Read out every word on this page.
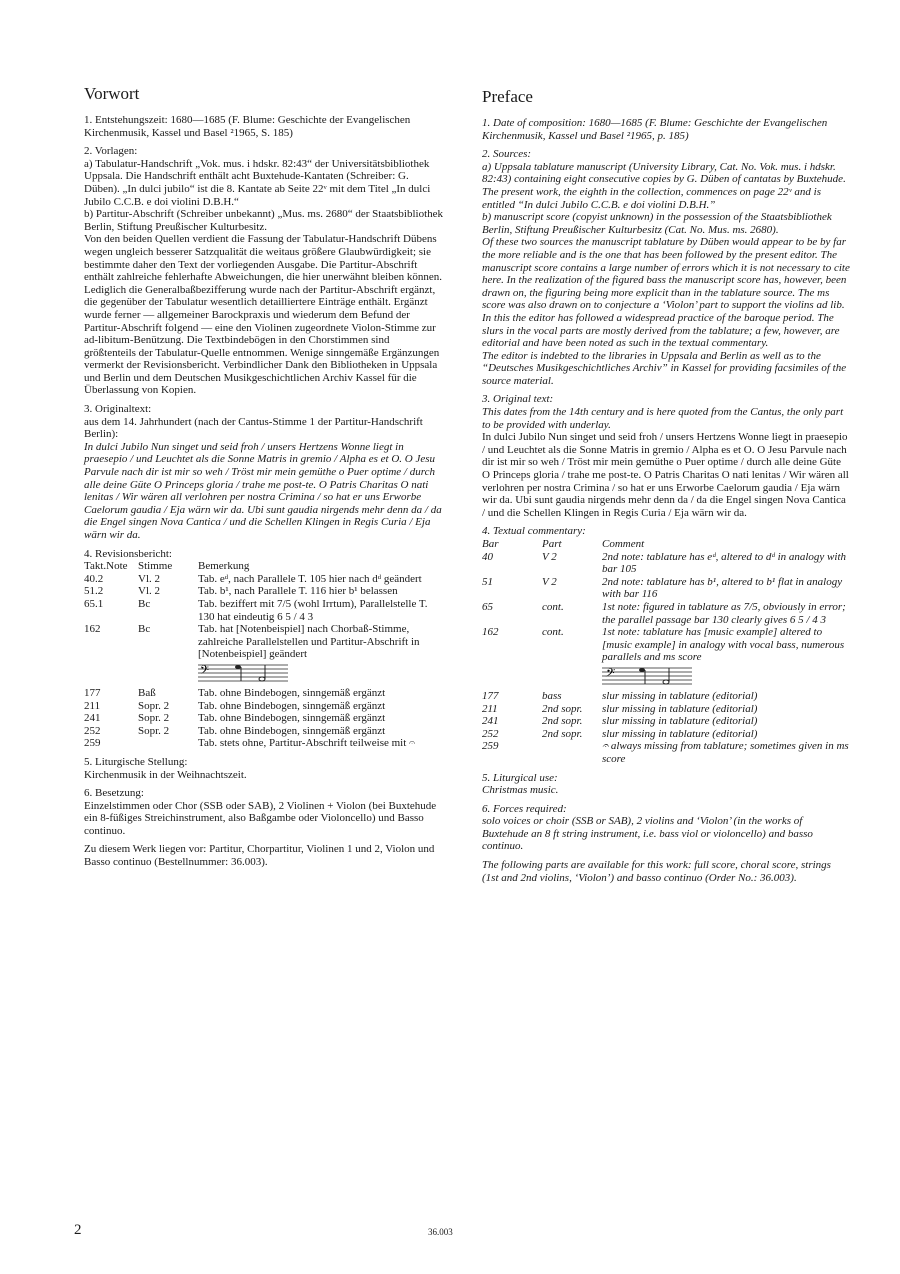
Vorwort

1. Entstehungszeit: 1680—1685 (F. Blume: Geschichte der Evangelischen Kirchenmusik, Kassel und Basel ²1965, S. 185)

2. Vorlagen:

a) Tabulatur-Handschrift „Vok. mus. i hdskr. 82:43“ der Universitätsbibliothek Uppsala. Die Handschrift enthält acht Buxtehude-Kantaten (Schreiber: G. Düben). „In dulci jubilo“ ist die 8. Kantate ab Seite 22ᵛ mit dem Titel „In dulci Jubilo C.C.B. e doi violini D.B.H.“

b) Partitur-Abschrift (Schreiber unbekannt) „Mus. ms. 2680“ der Staatsbibliothek Berlin, Stiftung Preußischer Kulturbesitz.

Von den beiden Quellen verdient die Fassung der Tabulatur-Handschrift Dübens wegen ungleich besserer Satzqualität die weitaus größere Glaubwürdigkeit; sie bestimmte daher den Text der vorliegenden Ausgabe. Die Partitur-Abschrift enthält zahlreiche fehlerhafte Abweichungen, die hier unerwähnt bleiben können. Lediglich die Generalbaßbezifferung wurde nach der Partitur-Abschrift ergänzt, die gegenüber der Tabulatur wesentlich detailliertere Einträge enthält. Ergänzt wurde ferner — allgemeiner Barockpraxis und wiederum dem Befund der Partitur-Abschrift folgend — eine den Violinen zugeordnete Violon-Stimme zur ad-libitum-Benützung. Die Textbindebögen in den Chorstimmen sind größtenteils der Tabulatur-Quelle entnommen. Wenige sinngemäße Ergänzungen vermerkt der Revisionsbericht. Verbindlicher Dank den Bibliotheken in Uppsala und Berlin und dem Deutschen Musikgeschichtlichen Archiv Kassel für die Überlassung von Kopien.

3. Originaltext:

aus dem 14. Jahrhundert (nach der Cantus-Stimme 1 der Partitur-Handschrift Berlin):

In dulci Jubilo Nun singet und seid froh / unsers Hertzens Wonne liegt in praesepio / und Leuchtet als die Sonne Matris in gremio / Alpha es et O. O Jesu Parvule nach dir ist mir so weh / Tröst mir mein gemüthe o Puer optime / durch alle deine Güte O Princeps gloria / trahe me post-te. O Patris Charitas O nati lenitas / Wir wären all verlohren per nostra Crimina / so hat er uns Erworbe Caelorum gaudia / Eja wärn wir da. Ubi sunt gaudia nirgends mehr denn da / da die Engel singen Nova Cantica / und die Schellen Klingen in Regis Curia / Eja wärn wir da.

4. Revisionsbericht:

Takt.Note	Stimme	Bemerkung
40.2	Vl. 2	Tab. eᵈ, nach Parallele T. 105 hier nach dᵈ geändert
51.2	Vl. 2	Tab. b¹, nach Parallele T. 116 hier b¹ belassen
65.1	Bc	Tab. beziffert mit 7/5 (wohl Irrtum), Parallelstelle T. 130 hat eindeutig 6 5 / 4 3
162	Bc	Tab. hat [Notenbeispiel] nach Chorbaß-Stimme, zahlreiche Parallelstellen und Partitur-Abschrift in [Notenbeispiel] geändert

𝄢

177	Baß	Tab. ohne Bindebogen, sinngemäß ergänzt
211	Sopr. 2	Tab. ohne Bindebogen, sinngemäß ergänzt
241	Sopr. 2	Tab. ohne Bindebogen, sinngemäß ergänzt
252	Sopr. 2	Tab. ohne Bindebogen, sinngemäß ergänzt
259		Tab. stets ohne, Partitur-Abschrift teilweise mit 𝄐

5. Liturgische Stellung:

Kirchenmusik in der Weihnachtszeit.

6. Besetzung:

Einzelstimmen oder Chor (SSB oder SAB), 2 Violinen + Violon (bei Buxtehude ein 8-füßiges Streichinstrument, also Baßgambe oder Violoncello) und Basso continuo.

Zu diesem Werk liegen vor: Partitur, Chorpartitur, Violinen 1 und 2, Violon und Basso continuo (Bestellnummer: 36.003).

Preface

1. Date of composition: 1680—1685 (F. Blume: Geschichte der Evangelischen Kirchenmusik, Kassel und Basel ²1965, p. 185)

2. Sources:

a) Uppsala tablature manuscript (University Library, Cat. No. Vok. mus. i hdskr. 82:43) containing eight consecutive copies by G. Düben of cantatas by Buxtehude. The present work, the eighth in the collection, commences on page 22ᵛ and is entitled “In dulci Jubilo C.C.B. e doi violini D.B.H.”

b) manuscript score (copyist unknown) in the possession of the Staatsbibliothek Berlin, Stiftung Preußischer Kulturbesitz (Cat. No. Mus. ms. 2680).

Of these two sources the manuscript tablature by Düben would appear to be by far the more reliable and is the one that has been followed by the present editor. The manuscript score contains a large number of errors which it is not necessary to cite here. In the realization of the figured bass the manuscript score has, however, been drawn on, the figuring being more explicit than in the tablature source. The ms score was also drawn on to conjecture a ‘Violon’ part to support the violins ad lib. In this the editor has followed a widespread practice of the baroque period. The slurs in the vocal parts are mostly derived from the tablature; a few, however, are editorial and have been noted as such in the textual commentary.

The editor is indebted to the libraries in Uppsala and Berlin as well as to the “Deutsches Musikgeschichtliches Archiv” in Kassel for providing facsimiles of the source material.

3. Original text:

This dates from the 14th century and is here quoted from the Cantus, the only part to be provided with underlay.

In dulci Jubilo Nun singet und seid froh / unsers Hertzens Wonne liegt in praesepio / und Leuchtet als die Sonne Matris in gremio / Alpha es et O. O Jesu Parvule nach dir ist mir so weh / Tröst mir mein gemüthe o Puer optime / durch alle deine Güte O Princeps gloria / trahe me post-te. O Patris Charitas O nati lenitas / Wir wären all verlohren per nostra Crimina / so hat er uns Erworbe Caelorum gaudia / Eja wärn wir da. Ubi sunt gaudia nirgends mehr denn da / da die Engel singen Nova Cantica / und die Schellen Klingen in Regis Curia / Eja wärn wir da.

4. Textual commentary:

Bar	Part	Comment
40	V 2	2nd note: tablature has eᵈ, altered to dᵈ in analogy with bar 105
51	V 2	2nd note: tablature has b¹, altered to b¹ flat in analogy with bar 116
65	cont.	1st note: figured in tablature as 7/5, obviously in error; the parallel passage bar 130 clearly gives 6 5 / 4 3
162	cont.	1st note: tablature has [music example] altered to [music example] in analogy with vocal bass, numerous parallels and ms score

𝄢

177	bass	slur missing in tablature (editorial)
211	2nd sopr.	slur missing in tablature (editorial)
241	2nd sopr.	slur missing in tablature (editorial)
252	2nd sopr.	slur missing in tablature (editorial)
259		𝄐 always missing from tablature; sometimes given in ms score

5. Liturgical use:

Christmas music.

6. Forces required:

solo voices or choir (SSB or SAB), 2 violins and ‘Violon’ (in the works of Buxtehude an 8 ft string instrument, i.e. bass viol or violoncello) and basso continuo.

The following parts are available for this work: full score, choral score, strings (1st and 2nd violins, ‘Violon’) and basso continuo (Order No.: 36.003).

2	36.003
